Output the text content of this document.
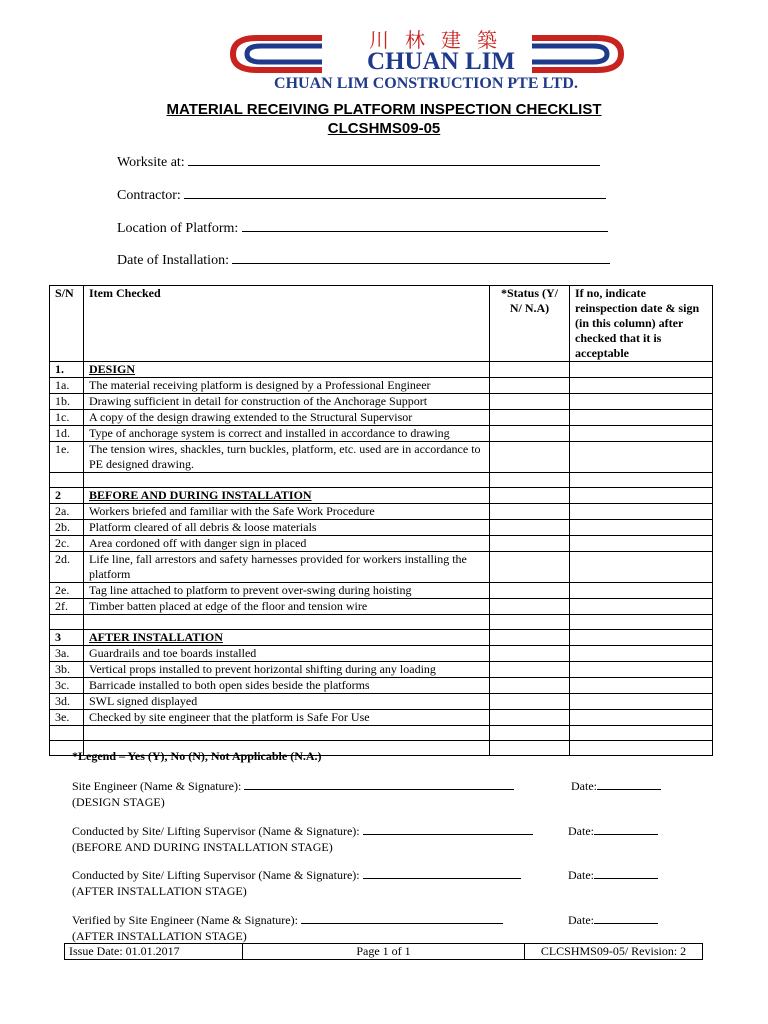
川林建築
CHUAN LIM
CHUAN LIM CONSTRUCTION PTE LTD.
MATERIAL RECEIVING PLATFORM INSPECTION CHECKLIST
CLCSHMS09-05
Worksite at:
Contractor:
Location of Platform:
Date of Installation:
S/N	Item Checked	*Status (Y/ N/ N.A)	If no, indicate reinspection date & sign (in this column) after checked that it is acceptable
1.	DESIGN		
1a.	The material receiving platform is designed by a Professional Engineer		
1b.	Drawing sufficient in detail for construction of the Anchorage Support		
1c.	A copy of the design drawing extended to the Structural Supervisor		
1d.	Type of anchorage system is correct and installed in accordance to drawing		
1e.	The tension wires, shackles, turn buckles, platform, etc. used are in accordance to PE designed drawing.		

2	BEFORE AND DURING INSTALLATION		
2a.	Workers briefed and familiar with the Safe Work Procedure		
2b.	Platform cleared of all debris & loose materials		
2c.	Area cordoned off with danger sign in placed		
2d.	Life line, fall arrestors and safety harnesses provided for workers installing the platform		
2e.	Tag line attached to platform to prevent over-swing during hoisting		
2f.	Timber batten placed at edge of the floor and tension wire		

3	AFTER INSTALLATION		
3a.	Guardrails and toe boards installed		
3b.	Vertical props installed to prevent horizontal shifting during any loading		
3c.	Barricade installed to both open sides beside the platforms		
3d.	SWL signed displayed		
3e.	Checked by site engineer that the platform is Safe For Use		

*Legend – Yes (Y), No (N), Not Applicable (N.A.)
Site Engineer (Name & Signature):
(DESIGN STAGE)
Date:
Conducted by Site/ Lifting Supervisor (Name & Signature):
(BEFORE AND DURING INSTALLATION STAGE)
Date:
Conducted by Site/ Lifting Supervisor (Name & Signature):
(AFTER INSTALLATION STAGE)
Date:
Verified by Site Engineer (Name & Signature):
(AFTER INSTALLATION STAGE)
Date:
Issue Date: 01.01.2017	Page 1 of 1	CLCSHMS09-05/ Revision: 2
